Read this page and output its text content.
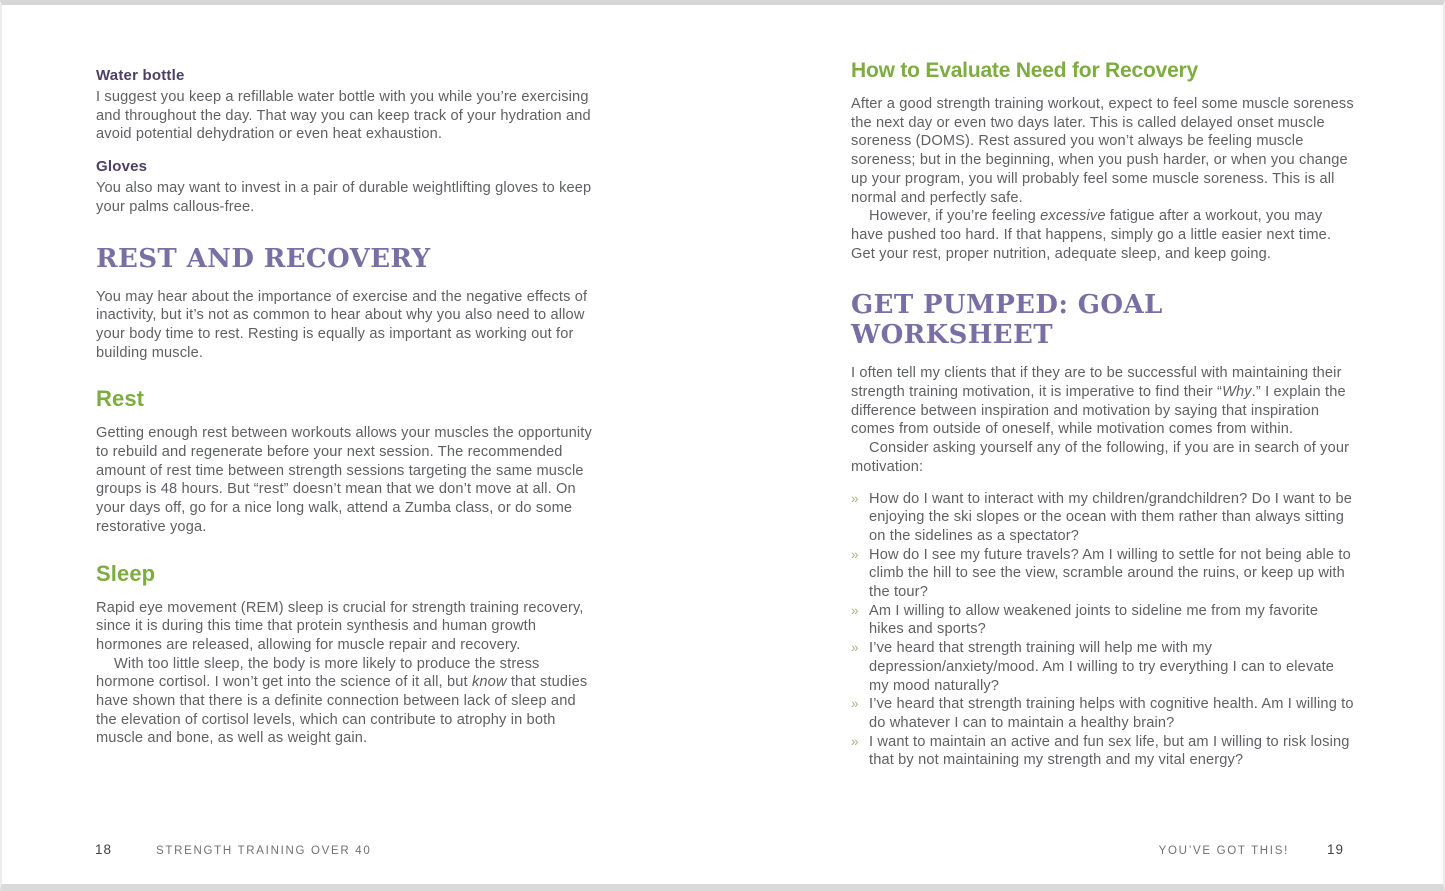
Water bottle

I suggest you keep a refillable water bottle with you while you’re exercising and throughout the day. That way you can keep track of your hydration and avoid potential dehydration or even heat exhaustion.

Gloves

You also may want to invest in a pair of durable weightlifting gloves to keep your palms callous-free.

REST AND RECOVERY

You may hear about the importance of exercise and the negative effects of inactivity, but it’s not as common to hear about why you also need to allow your body time to rest. Resting is equally as important as working out for building muscle.

Rest

Getting enough rest between workouts allows your muscles the opportunity to rebuild and regenerate before your next session. The recommended amount of rest time between strength sessions targeting the same muscle groups is 48 hours. But “rest” doesn’t mean that we don’t move at all. On your days off, go for a nice long walk, attend a Zumba class, or do some restorative yoga.

Sleep

Rapid eye movement (REM) sleep is crucial for strength training recovery, since it is during this time that protein synthesis and human growth hormones are released, allowing for muscle repair and recovery.

With too little sleep, the body is more likely to produce the stress hormone cortisol. I won’t get into the science of it all, but know that studies have shown that there is a definite connection between lack of sleep and the elevation of cortisol levels, which can contribute to atrophy in both muscle and bone, as well as weight gain.

How to Evaluate Need for Recovery

After a good strength training workout, expect to feel some muscle soreness the next day or even two days later. This is called delayed onset muscle soreness (DOMS). Rest assured you won’t always be feeling muscle soreness; but in the beginning, when you push harder, or when you change up your program, you will probably feel some muscle soreness. This is all normal and perfectly safe.

However, if you’re feeling excessive fatigue after a workout, you may have pushed too hard. If that happens, simply go a little easier next time. Get your rest, proper nutrition, adequate sleep, and keep going.

GET PUMPED: GOAL WORKSHEET

I often tell my clients that if they are to be successful with maintaining their strength training motivation, it is imperative to find their “Why.” I explain the difference between inspiration and motivation by saying that inspiration comes from outside of oneself, while motivation comes from within.

Consider asking yourself any of the following, if you are in search of your motivation:

» How do I want to interact with my children/grandchildren? Do I want to be enjoying the ski slopes or the ocean with them rather than always sitting on the sidelines as a spectator?
» How do I see my future travels? Am I willing to settle for not being able to climb the hill to see the view, scramble around the ruins, or keep up with the tour?
» Am I willing to allow weakened joints to sideline me from my favorite hikes and sports?
» I’ve heard that strength training will help me with my depression/anxiety/mood. Am I willing to try everything I can to elevate my mood naturally?
» I’ve heard that strength training helps with cognitive health. Am I willing to do whatever I can to maintain a healthy brain?
» I want to maintain an active and fun sex life, but am I willing to risk losing that by not maintaining my strength and my vital energy?
18	STRENGTH TRAINING OVER 40	YOU’VE GOT THIS!	19
